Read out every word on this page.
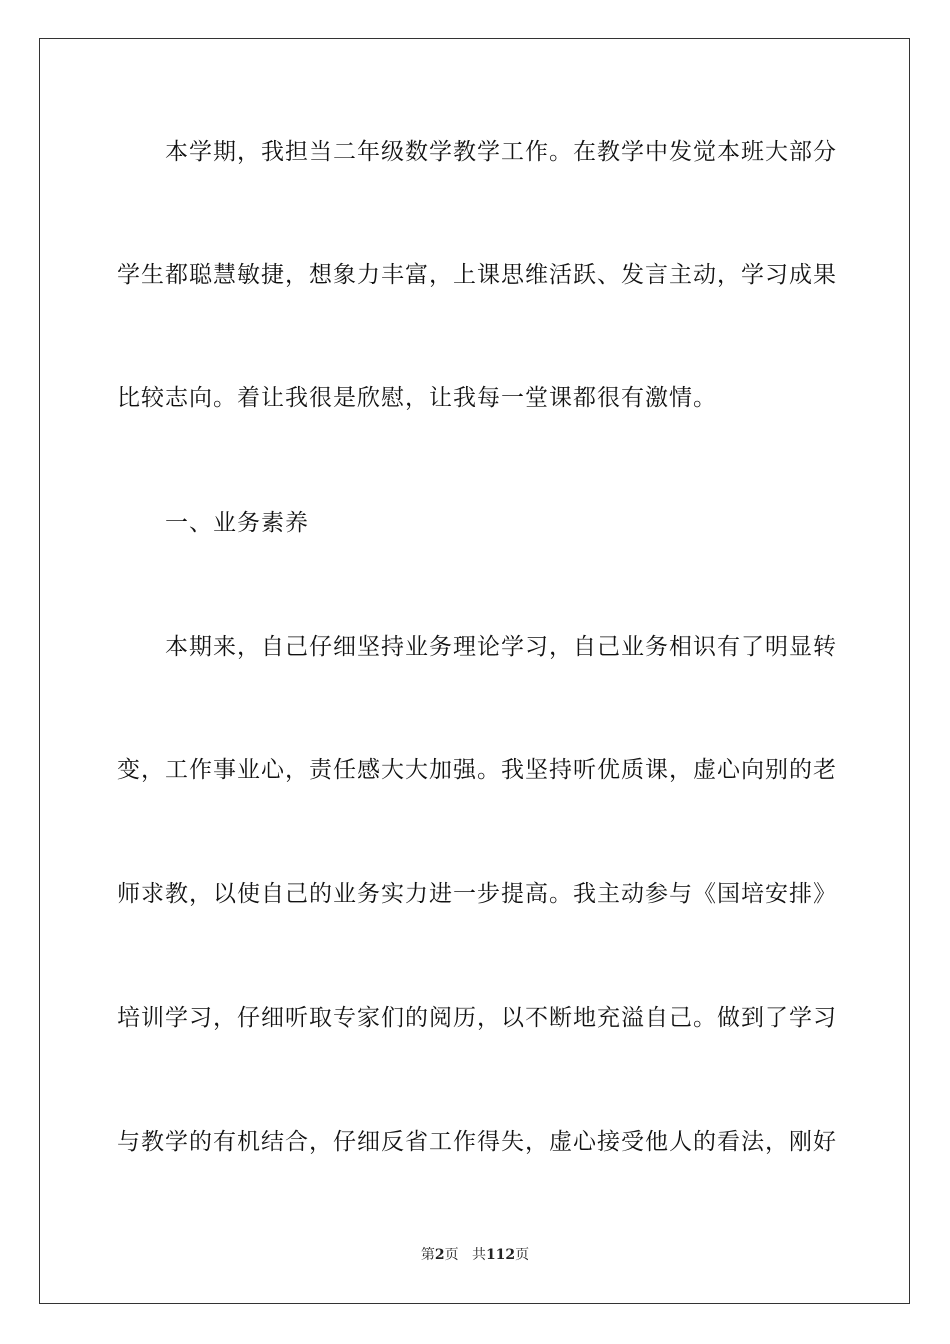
本学期，我担当二年级数学教学工作。在教学中发觉本班大部分
学生都聪慧敏捷，想象力丰富，上课思维活跃、发言主动，学习成果
比较志向。着让我很是欣慰，让我每一堂课都很有激情。
一、业务素养
本期来，自己仔细坚持业务理论学习，自己业务相识有了明显转
变，工作事业心，责任感大大加强。我坚持听优质课，虚心向别的老
师求教，以使自己的业务实力进一步提高。我主动参与《国培安排》
培训学习，仔细听取专家们的阅历，以不断地充溢自己。做到了学习
与教学的有机结合，仔细反省工作得失，虚心接受他人的看法，刚好
第2页 共112页
